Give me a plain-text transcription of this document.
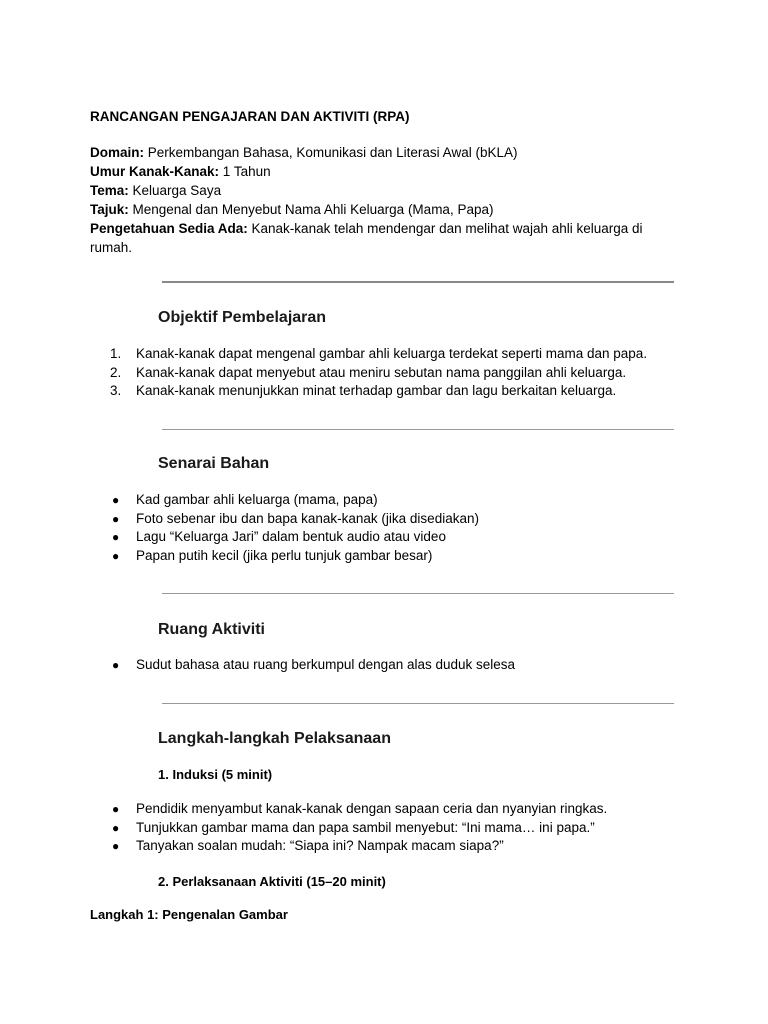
RANCANGAN PENGAJARAN DAN AKTIVITI (RPA)

Domain: Perkembangan Bahasa, Komunikasi dan Literasi Awal (bKLA)

Umur Kanak-Kanak: 1 Tahun

Tema: Keluarga Saya

Tajuk: Mengenal dan Menyebut Nama Ahli Keluarga (Mama, Papa)

Pengetahuan Sedia Ada: Kanak-kanak telah mendengar dan melihat wajah ahli keluarga di rumah.

Objektif Pembelajaran
1. Kanak-kanak dapat mengenal gambar ahli keluarga terdekat seperti mama dan papa.
2. Kanak-kanak dapat menyebut atau meniru sebutan nama panggilan ahli keluarga.
3. Kanak-kanak menunjukkan minat terhadap gambar dan lagu berkaitan keluarga.
Senarai Bahan
● Kad gambar ahli keluarga (mama, papa)
● Foto sebenar ibu dan bapa kanak-kanak (jika disediakan)
● Lagu “Keluarga Jari” dalam bentuk audio atau video
● Papan putih kecil (jika perlu tunjuk gambar besar)
Ruang Aktiviti
● Sudut bahasa atau ruang berkumpul dengan alas duduk selesa
Langkah-langkah Pelaksanaan
1. Induksi (5 minit)
● Pendidik menyambut kanak-kanak dengan sapaan ceria dan nyanyian ringkas.
● Tunjukkan gambar mama dan papa sambil menyebut: “Ini mama… ini papa.”
● Tanyakan soalan mudah: “Siapa ini? Nampak macam siapa?”
2. Perlaksanaan Aktiviti (15–20 minit)
Langkah 1: Pengenalan Gambar
